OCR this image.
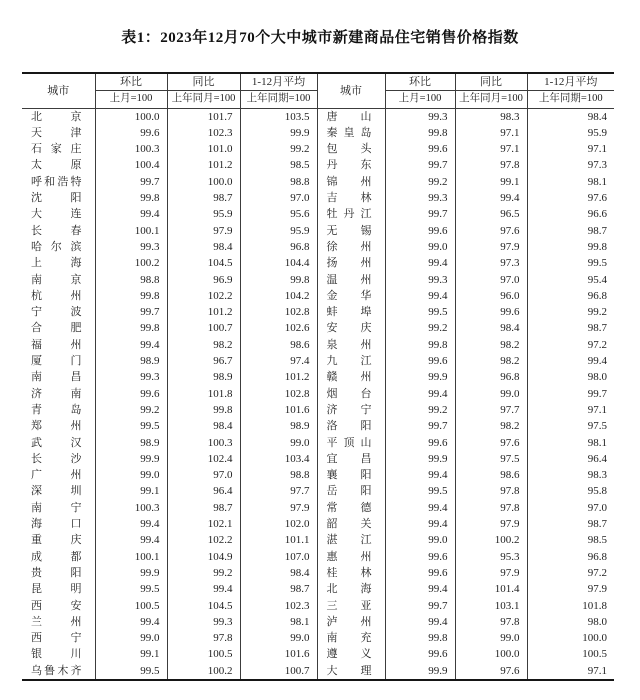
表1：2023年12月70个大中城市新建商品住宅销售价格指数
城市	环比	同比	1-12月平均	城市	环比	同比	1-12月平均
	上月=100	上年同月=100	上年同期=100		上月=100	上年同月=100	上年同期=100
北京	100.0	101.7	103.5	唐山	99.3	98.3	98.4
天津	99.6	102.3	99.9	秦皇岛	99.8	97.1	95.9
石家庄	100.3	101.0	99.2	包头	99.6	97.1	97.1
太原	100.4	101.2	98.5	丹东	99.7	97.8	97.3
呼和浩特	99.7	100.0	98.8	锦州	99.2	99.1	98.1
沈阳	99.8	98.7	97.0	吉林	99.3	99.4	97.6
大连	99.4	95.9	95.6	牡丹江	99.7	96.5	96.6
长春	100.1	97.9	95.9	无锡	99.6	97.6	98.7
哈尔滨	99.3	98.4	96.8	徐州	99.0	97.9	99.8
上海	100.2	104.5	104.4	扬州	99.4	97.3	99.5
南京	98.8	96.9	99.8	温州	99.3	97.0	95.4
杭州	99.8	102.2	104.2	金华	99.4	96.0	96.8
宁波	99.7	101.2	102.8	蚌埠	99.5	99.6	99.2
合肥	99.8	100.7	102.6	安庆	99.2	98.4	98.7
福州	99.4	98.2	98.6	泉州	99.8	98.2	97.2
厦门	98.9	96.7	97.4	九江	99.6	98.2	99.4
南昌	99.3	98.9	101.2	赣州	99.9	96.8	98.0
济南	99.6	101.8	102.8	烟台	99.4	99.0	99.7
青岛	99.2	99.8	101.6	济宁	99.2	97.7	97.1
郑州	99.5	98.4	98.9	洛阳	99.7	98.2	97.5
武汉	98.9	100.3	99.0	平顶山	99.6	97.6	98.1
长沙	99.9	102.4	103.4	宜昌	99.9	97.5	96.4
广州	99.0	97.0	98.8	襄阳	99.4	98.6	98.3
深圳	99.1	96.4	97.7	岳阳	99.5	97.8	95.8
南宁	100.3	98.7	97.9	常德	99.4	97.8	97.0
海口	99.4	102.1	102.0	韶关	99.4	97.9	98.7
重庆	99.4	102.2	101.1	湛江	99.0	100.2	98.5
成都	100.1	104.9	107.0	惠州	99.6	95.3	96.8
贵阳	99.9	99.2	98.4	桂林	99.6	97.9	97.2
昆明	99.5	99.4	98.7	北海	99.4	101.4	97.9
西安	100.5	104.5	102.3	三亚	99.7	103.1	101.8
兰州	99.4	99.3	98.1	泸州	99.4	97.8	98.0
西宁	99.0	97.8	99.0	南充	99.8	99.0	100.0
银川	99.1	100.5	101.6	遵义	99.6	100.0	100.5
乌鲁木齐	99.5	100.2	100.7	大理	99.9	97.6	97.1
